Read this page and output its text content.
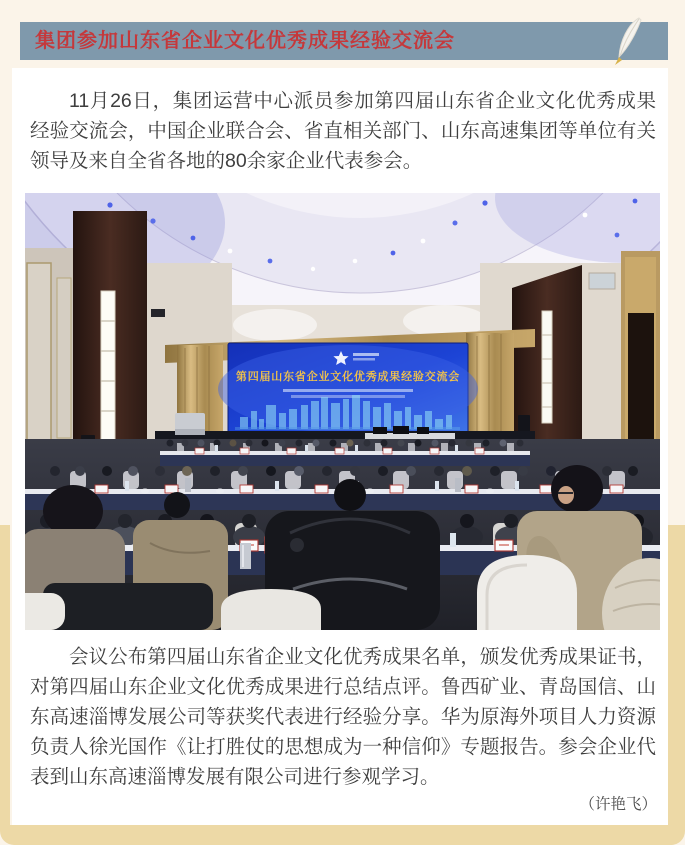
集团参加山东省企业文化优秀成果经验交流会

11月26日，集团运营中心派员参加第四届山东省企业文化优秀成果经验交流会，中国企业联合会、省直相关部门、山东高速集团等单位有关领导及来自全省各地的80余家企业代表参会。

第四届山东省企业文化优秀成果经验交流会

会议公布第四届山东省企业文化优秀成果名单，颁发优秀成果证书，对第四届山东企业文化优秀成果进行总结点评。鲁西矿业、青岛国信、山东高速淄博发展公司等获奖代表进行经验分享。华为原海外项目人力资源负责人徐光国作《让打胜仗的思想成为一种信仰》专题报告。参会企业代表到山东高速淄博发展有限公司进行参观学习。

（许艳飞）
